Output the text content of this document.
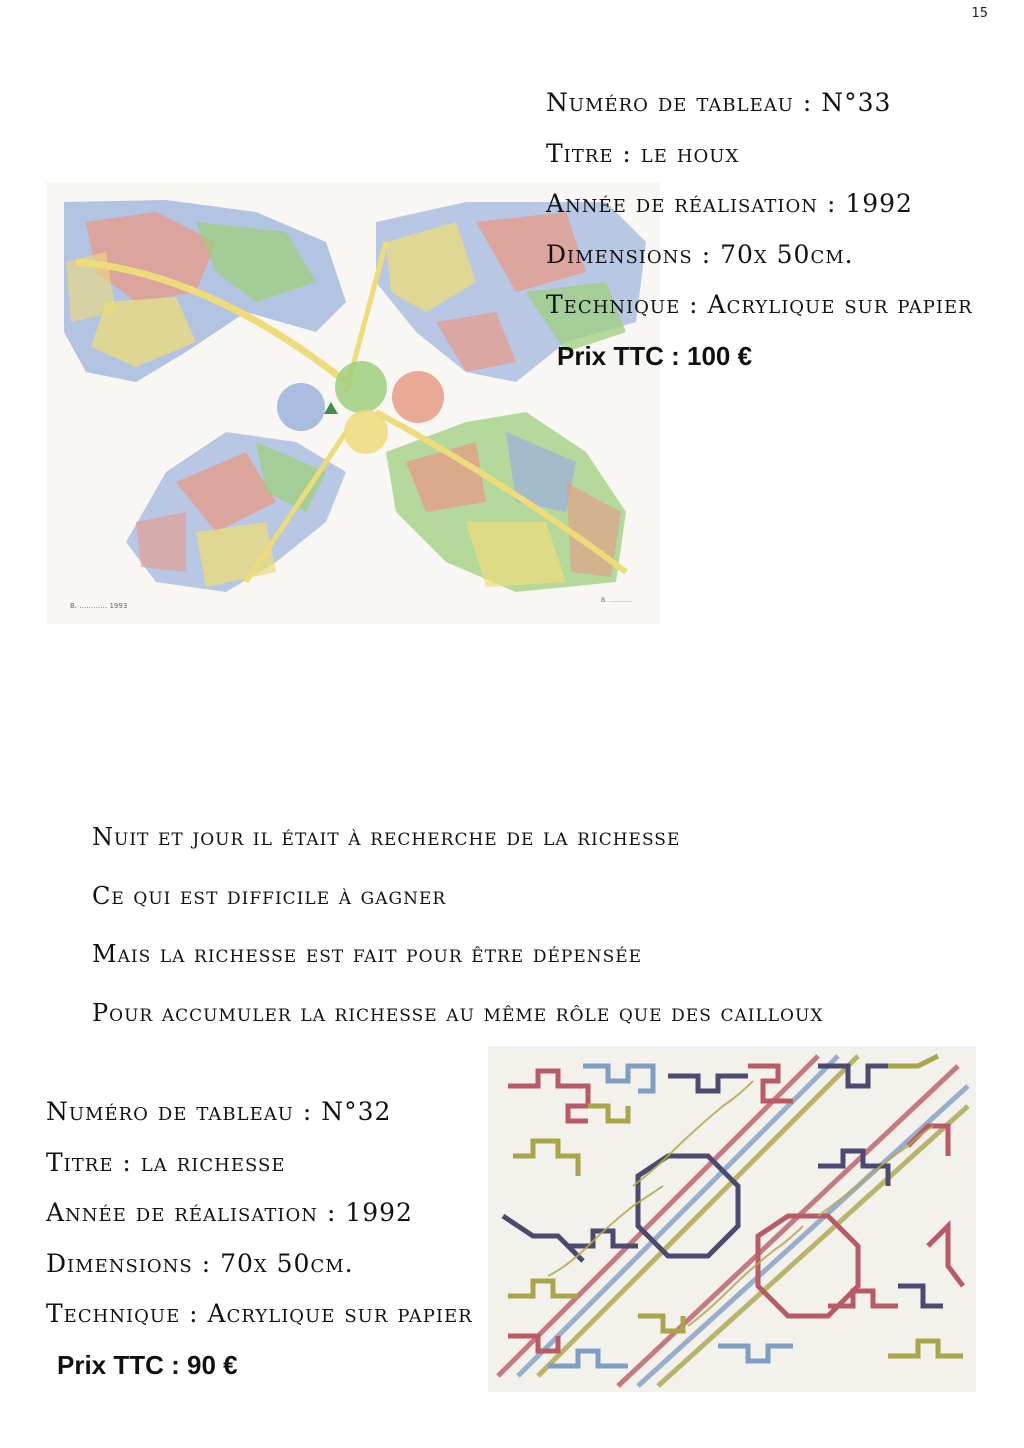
15
B. ………… 1993
B. …………
Numéro de tableau : N°33
Titre : le houx
Année de réalisation : 1992
Dimensions : 70x 50cm.
Technique : Acrylique sur papier
Prix TTC : 100 €
Nuit et jour il était à recherche de la richesse
Ce qui est difficile à gagner
Mais la richesse est fait pour être dépensée
Pour accumuler la richesse au même rôle que des cailloux
Numéro de tableau : N°32
Titre : la richesse
Année de réalisation : 1992
Dimensions : 70x 50cm.
Technique : Acrylique sur papier
Prix TTC : 90 €
